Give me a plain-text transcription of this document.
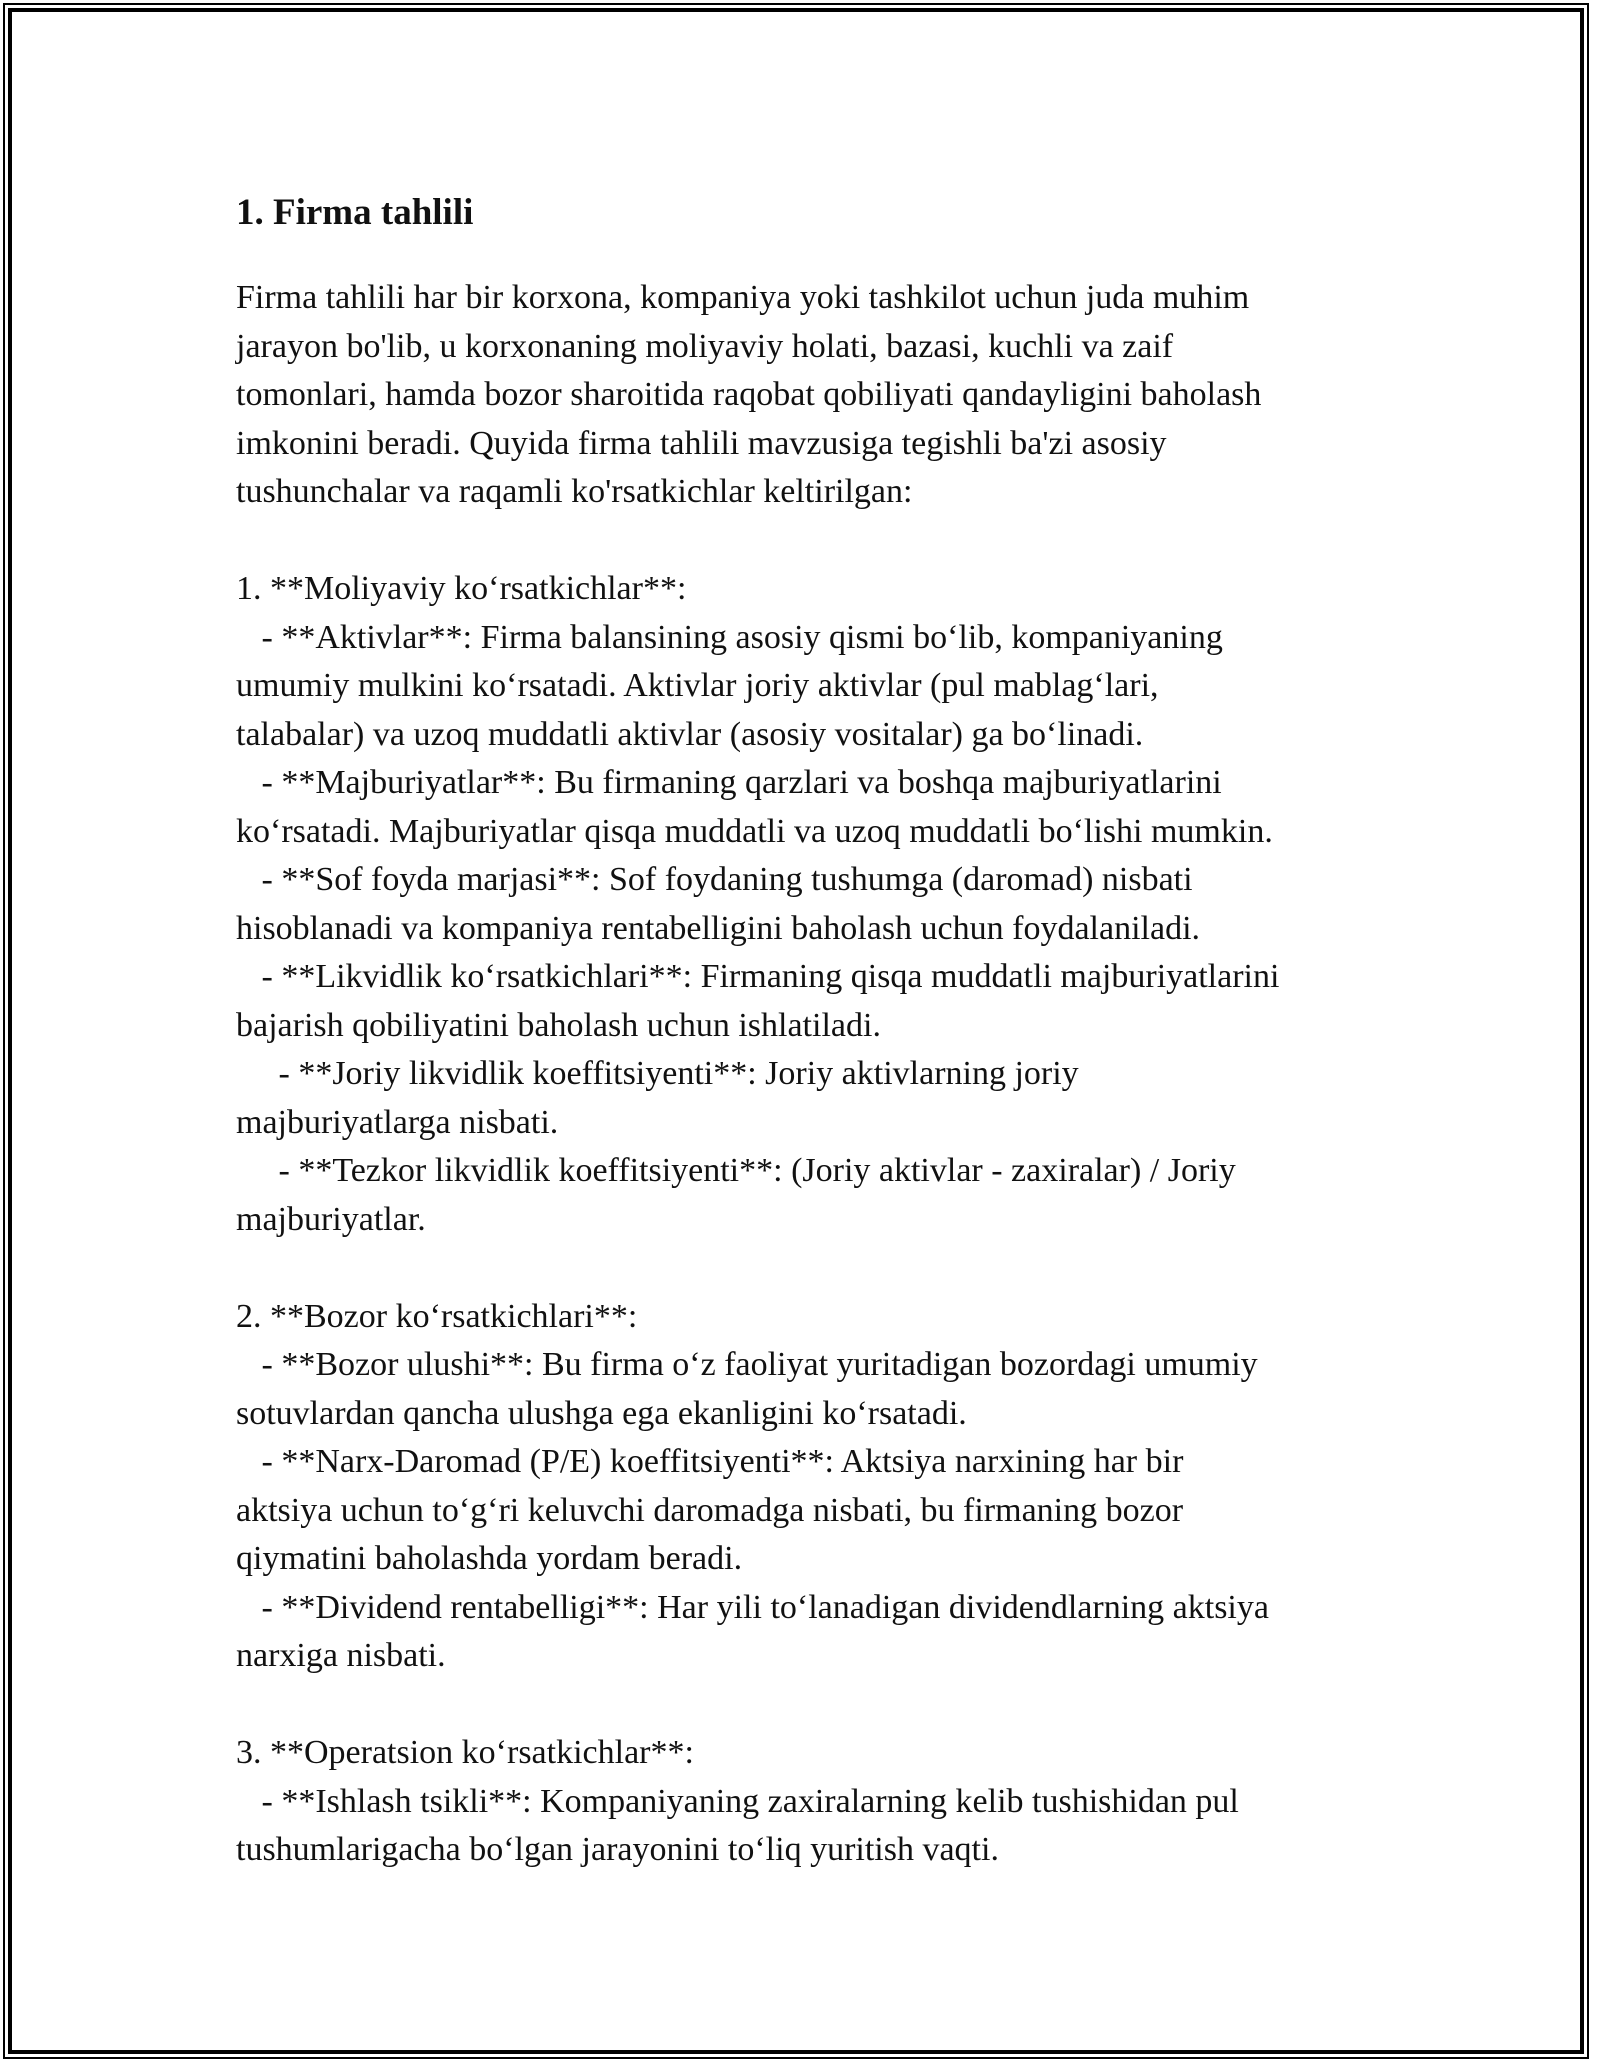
1. Firma tahlili

Firma tahlili har bir korxona, kompaniya yoki tashkilot uchun juda muhim
jarayon bo'lib, u korxonaning moliyaviy holati, bazasi, kuchli va zaif
tomonlari, hamda bozor sharoitida raqobat qobiliyati qandayligini baholash
imkonini beradi. Quyida firma tahlili mavzusiga tegishli ba'zi asosiy
tushunchalar va raqamli ko'rsatkichlar keltirilgan:

1. **Moliyaviy koʻrsatkichlar**:
- **Aktivlar**: Firma balansining asosiy qismi boʻlib, kompaniyaning
umumiy mulkini koʻrsatadi. Aktivlar joriy aktivlar (pul mablagʻlari,
talabalar) va uzoq muddatli aktivlar (asosiy vositalar) ga boʻlinadi.
- **Majburiyatlar**: Bu firmaning qarzlari va boshqa majburiyatlarini
koʻrsatadi. Majburiyatlar qisqa muddatli va uzoq muddatli boʻlishi mumkin.
- **Sof foyda marjasi**: Sof foydaning tushumga (daromad) nisbati
hisoblanadi va kompaniya rentabelligini baholash uchun foydalaniladi.
- **Likvidlik koʻrsatkichlari**: Firmaning qisqa muddatli majburiyatlarini
bajarish qobiliyatini baholash uchun ishlatiladi.
- **Joriy likvidlik koeffitsiyenti**: Joriy aktivlarning joriy
majburiyatlarga nisbati.
- **Tezkor likvidlik koeffitsiyenti**: (Joriy aktivlar - zaxiralar) / Joriy
majburiyatlar.

2. **Bozor koʻrsatkichlari**:
- **Bozor ulushi**: Bu firma oʻz faoliyat yuritadigan bozordagi umumiy
sotuvlardan qancha ulushga ega ekanligini koʻrsatadi.
- **Narx-Daromad (P/E) koeffitsiyenti**: Aktsiya narxining har bir
aktsiya uchun toʻgʻri keluvchi daromadga nisbati, bu firmaning bozor
qiymatini baholashda yordam beradi.
- **Dividend rentabelligi**: Har yili toʻlanadigan dividendlarning aktsiya
narxiga nisbati.

3. **Operatsion koʻrsatkichlar**:
- **Ishlash tsikli**: Kompaniyaning zaxiralarning kelib tushishidan pul
tushumlarigacha boʻlgan jarayonini toʻliq yuritish vaqti.
